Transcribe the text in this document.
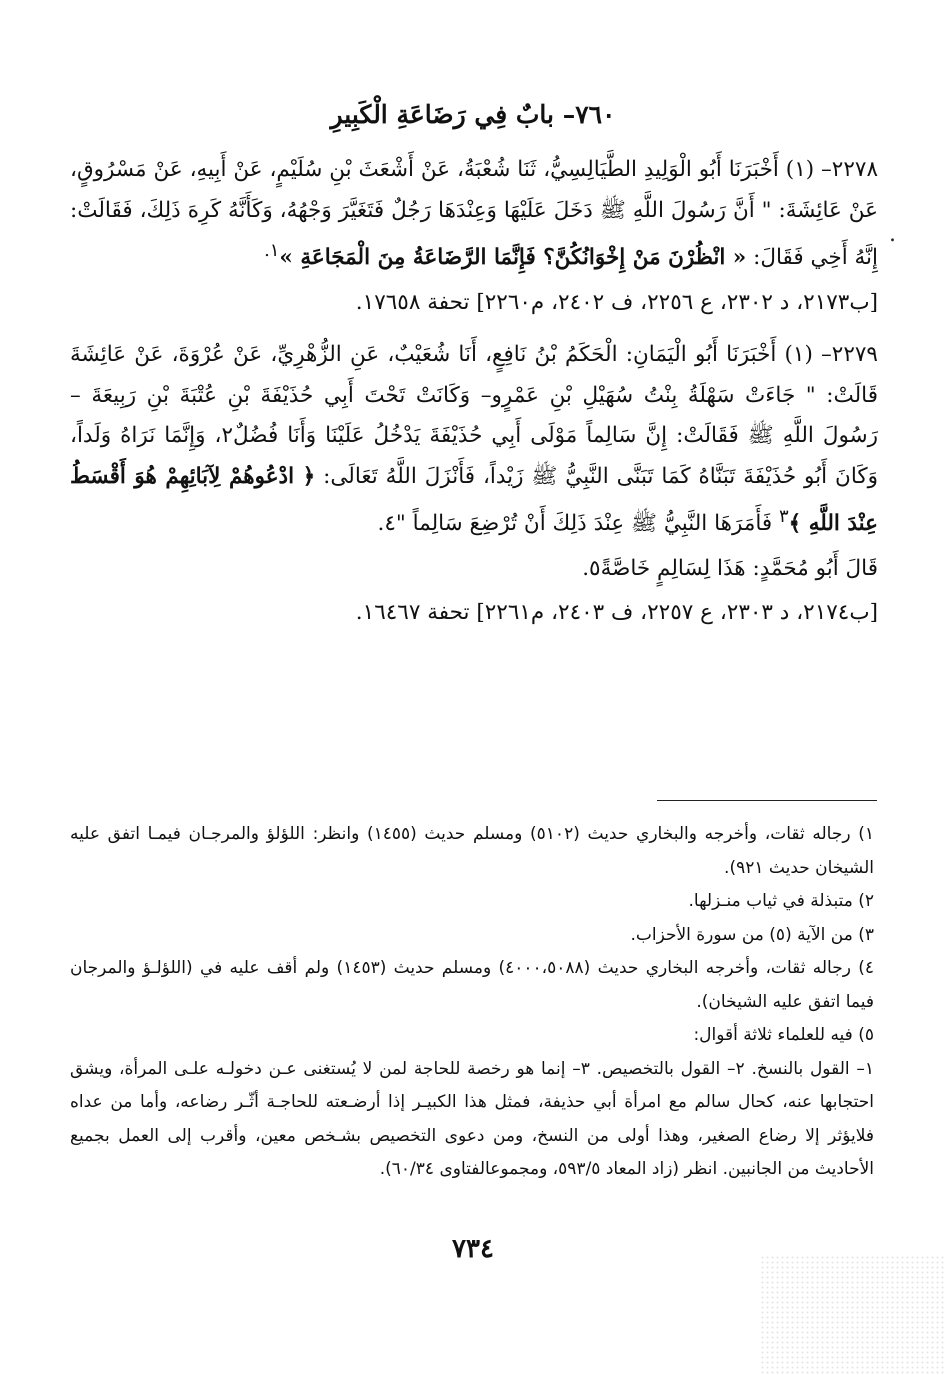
٧٦٠– بابٌ فِي رَضَاعَةِ الْكَبِيرِ
.

٢٢٧٨– (١) أَخْبَرَنَا أَبُو الْوَلِيدِ الطَّيَالِسِيُّ، ثَنَا شُعْبَةُ، عَنْ أَشْعَثَ بْنِ سُلَيْمٍ، عَنْ أَبِيهِ، عَنْ مَسْرُوقٍ، عَنْ عَائِشَةَ: " أَنَّ رَسُولَ اللَّهِ ﷺ دَخَلَ عَلَيْهَا وَعِنْدَهَا رَجُلٌ فَتَغَيَّرَ وَجْهُهُ، وَكَأَنَّهُ كَرِهَ ذَلِكَ، فَقَالَتْ: إِنَّهُ أَخِي فَقَالَ: « انْظُرْنَ مَنْ إِخْوَانُكُنَّ؟ فَإِنَّمَا الرَّضَاعَةُ مِنَ الْمَجَاعَةِ »$^{١.}$

[ب٢١٧٣، د ٢٣٠٢، ع ٢٢٥٦، ف ٢٤٠٢، م٢٢٦٠] تحفة ١٧٦٥٨.

٢٢٧٩– (١) أَخْبَرَنَا أَبُو الْيَمَانِ: الْحَكَمُ بْنُ نَافِعٍ، أَنَا شُعَيْبٌ، عَنِ الزُّهْرِيِّ، عَنْ عُرْوَةَ، عَنْ عَائِشَةَ قَالَتْ: " جَاءَتْ سَهْلَةُ بِنْتُ سُهَيْلِ بْنِ عَمْرٍو– وَكَانَتْ تَحْتَ أَبِي حُذَيْفَةَ بْنِ عُتْبَةَ بْنِ رَبِيعَةَ – رَسُولَ اللَّهِ ﷺ فَقَالَتْ: إِنَّ سَالِماً مَوْلَى أَبِي حُذَيْفَةَ يَدْخُلُ عَلَيْنَا وَأَنَا فُضُلٌ٢، وَإِنَّمَا نَرَاهُ وَلَداً، وَكَانَ أَبُو حُذَيْفَةَ تَبَنَّاهُ كَمَا تَبَنَّى النَّبِيُّ ﷺ زَيْداً، فَأَنْزَلَ اللَّهُ تَعَالَى: ﴿ ادْعُوهُمْ لِآبَائِهِمْ هُوَ أَقْسَطُ عِنْدَ اللَّهِ ﴾$^٣$ فَأَمَرَهَا النَّبِيُّ ﷺ عِنْدَ ذَلِكَ أَنْ تُرْضِعَ سَالِماً "٤.

قَالَ أَبُو مُحَمَّدٍ: هَذَا لِسَالِمٍ خَاصَّةً٥.

[ب٢١٧٤، د ٢٣٠٣، ع ٢٢٥٧، ف ٢٤٠٣، م٢٢٦١] تحفة ١٦٤٦٧.

١) رجاله ثقات، وأخرجه والبخاري حديث (٥١٠٢) ومسلم حديث (١٤٥٥) وانظر: اللؤلؤ والمرجـان فيمـا اتفق عليه الشيخان حديث ٩٢١).

٢) متبذلة في ثياب منـزلها.

٣) من الآية (٥) من سورة الأحزاب.

٤) رجاله ثقات، وأخرجه البخاري حديث (٤٠٠٠،٥٠٨٨) ومسلم حديث (١٤٥٣) ولم أقف عليه في (اللؤلـؤ والمرجان فيما اتفق عليه الشيخان).

٥) فيه للعلماء ثلاثة أقوال:

١– القول بالنسخ. ٢– القول بالتخصيص. ٣– إنما هو رخصة للحاجة لمن لا يُستغنى عـن دخولـه علـى المرأة، ويشق احتجابها عنه، كحال سالم مع امرأة أبي حذيفة، فمثل هذا الكبيـر إذا أرضـعته للحاجـة أثّـر رضاعه، وأما من عداه فلايؤثر إلا رضاع الصغير، وهذا أولى من النسخ، ومن دعوى التخصيص بشـخص معين، وأقرب إلى العمل بجميع الأحاديث من الجانبين. انظر (زاد المعاد ٥٩٣/٥، ومجموعالفتاوى ٦٠/٣٤).

٧٣٤
